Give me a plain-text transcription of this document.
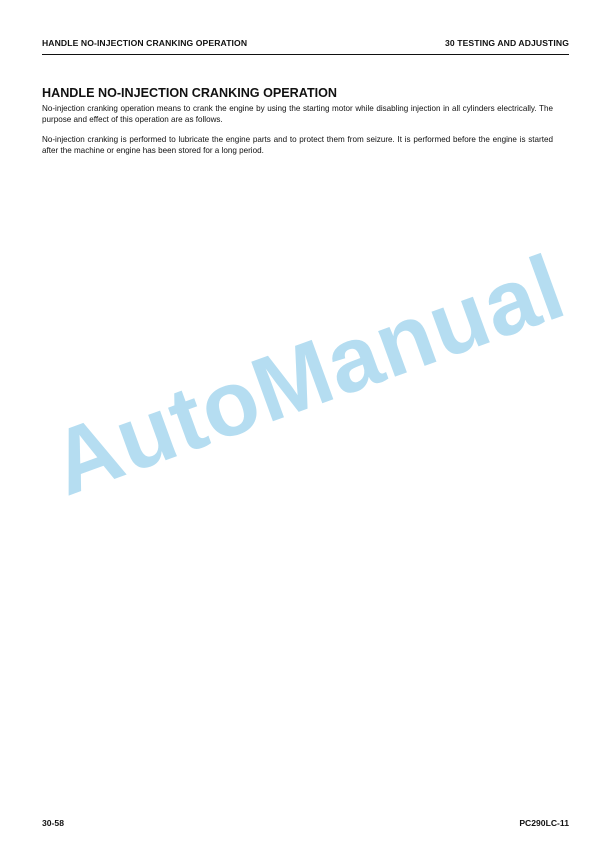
HANDLE NO-INJECTION CRANKING OPERATION	30 TESTING AND ADJUSTING
HANDLE NO-INJECTION CRANKING OPERATION

No-injection cranking operation means to crank the engine by using the starting motor while disabling injection in all cylinders electrically. The purpose and effect of this operation are as follows.

No-injection cranking is performed to lubricate the engine parts and to protect them from seizure. It is performed before the engine is started after the machine or engine has been stored for a long period.

AutoManual
30-58	PC290LC-11
